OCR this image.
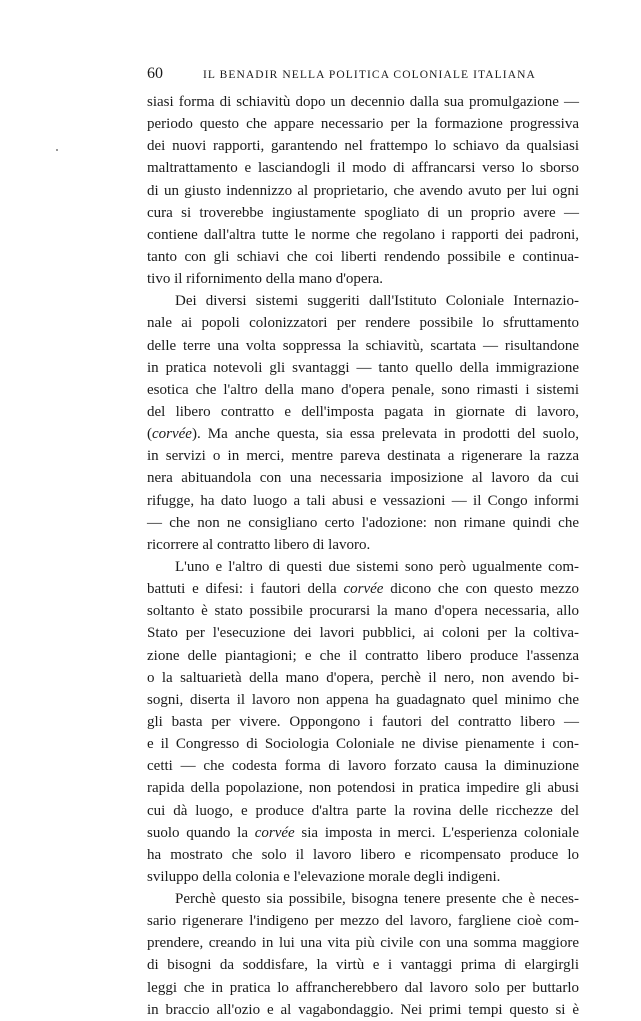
60	IL BENADIR NELLA POLITICA COLONIALE ITALIANA
siasi forma di schiavitù dopo un decennio dalla sua promulgazione —
periodo questo che appare necessario per la formazione progressiva
dei nuovi rapporti, garantendo nel frattempo lo schiavo da qualsiasi
maltrattamento e lasciandogli il modo di affrancarsi verso lo sborso
di un giusto indennizzo al proprietario, che avendo avuto per lui ogni
cura si troverebbe ingiustamente spogliato di un proprio avere —
contiene dall'altra tutte le norme che regolano i rapporti dei padroni,
tanto con gli schiavi che coi liberti rendendo possibile e continua-
tivo il rifornimento della mano d'opera.
Dei diversi sistemi suggeriti dall'Istituto Coloniale Internazio-
nale ai popoli colonizzatori per rendere possibile lo sfruttamento
delle terre una volta soppressa la schiavitù, scartata — risultandone
in pratica notevoli gli svantaggi — tanto quello della immigrazione
esotica che l'altro della mano d'opera penale, sono rimasti i sistemi
del libero contratto e dell'imposta pagata in giornate di lavoro,
(corvée). Ma anche questa, sia essa prelevata in prodotti del suolo,
in servizi o in merci, mentre pareva destinata a rigenerare la razza
nera abituandola con una necessaria imposizione al lavoro da cui
rifugge, ha dato luogo a tali abusi e vessazioni — il Congo informi
— che non ne consigliano certo l'adozione: non rimane quindi che
ricorrere al contratto libero di lavoro.
L'uno e l'altro di questi due sistemi sono però ugualmente com-
battuti e difesi: i fautori della corvée dicono che con questo mezzo
soltanto è stato possibile procurarsi la mano d'opera necessaria, allo
Stato per l'esecuzione dei lavori pubblici, ai coloni per la coltiva-
zione delle piantagioni; e che il contratto libero produce l'assenza
o la saltuarietà della mano d'opera, perchè il nero, non avendo bi-
sogni, diserta il lavoro non appena ha guadagnato quel minimo che
gli basta per vivere. Oppongono i fautori del contratto libero —
e il Congresso di Sociologia Coloniale ne divise pienamente i con-
cetti — che codesta forma di lavoro forzato causa la diminuzione
rapida della popolazione, non potendosi in pratica impedire gli abusi
cui dà luogo, e produce d'altra parte la rovina delle ricchezze del
suolo quando la corvée sia imposta in merci. L'esperienza coloniale
ha mostrato che solo il lavoro libero e ricompensato produce lo
sviluppo della colonia e l'elevazione morale degli indigeni.
Perchè questo sia possibile, bisogna tenere presente che è neces-
sario rigenerare l'indigeno per mezzo del lavoro, fargliene cioè com-
prendere, creando in lui una vita più civile con una somma maggiore
di bisogni da soddisfare, la virtù e i vantaggi prima di elargirgli
leggi che in pratica lo affrancherebbero dal lavoro solo per buttarlo
in braccio all'ozio e al vagabondaggio. Nei primi tempi questo si è
